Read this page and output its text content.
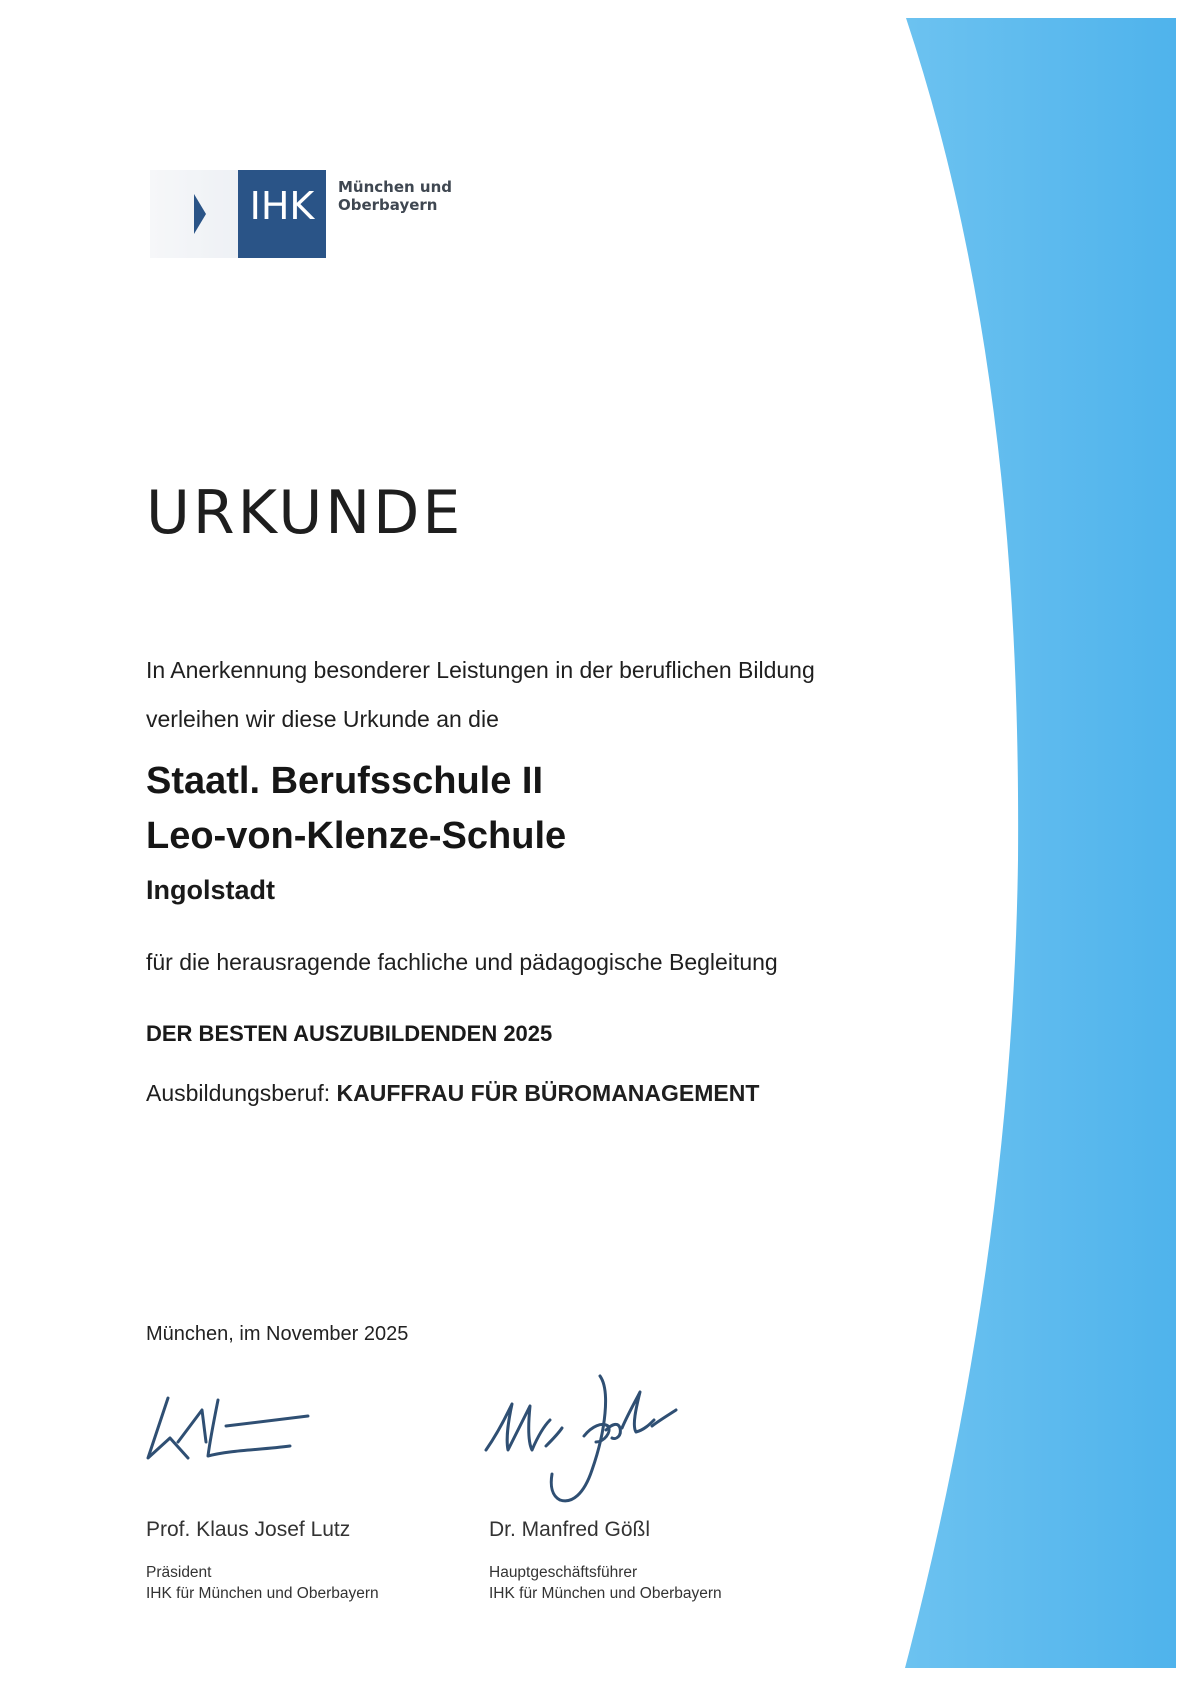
IHK	München und
Oberbayern
URKUNDE
In Anerkennung besonderer Leistungen in der beruflichen Bildung
verleihen wir diese Urkunde an die
Staatl. Berufsschule II
Leo-von-Klenze-Schule
Ingolstadt
für die herausragende fachliche und pädagogische Begleitung
DER BESTEN AUSZUBILDENDEN 2025
Ausbildungsberuf: KAUFFRAU FÜR BÜROMANAGEMENT
München, im November 2025
Prof. Klaus Josef Lutz
Präsident
IHK für München und Oberbayern
Dr. Manfred Gößl
Hauptgeschäftsführer
IHK für München und Oberbayern
